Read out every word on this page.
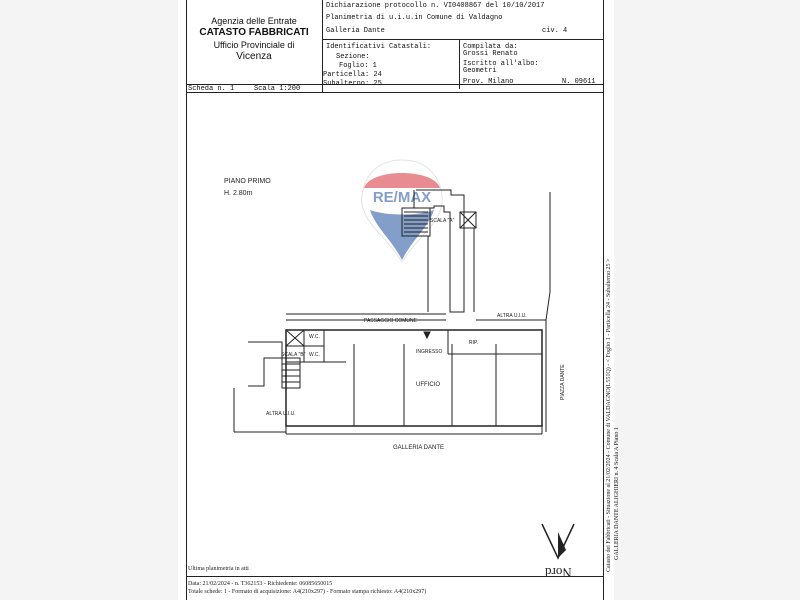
Agenzia delle Entrate
CATASTO FABBRICATI
Ufficio Provinciale di
Vicenza
Dichiarazione protocollo n. VI0408867 del 10/10/2017
Planimetria di u.i.u.in Comune di Valdagno
Galleria Dante	civ. 4
Identificativi Catastali:
Sezione:
Foglio: 1
Particella: 24
Subalterno: 25
Compilata da:
Grossi Renato
Iscritto all'albo:
Geometri
Prov. Milano	N. 09611
Scheda n. 1	Scala 1:200
RE/MAX
PIANO PRIMO
H. 2.80m
SCALA "A"
PASSAGGIO COMUNE
ALTRA U.I.U.
W.C.
W.C.
SCALA "B"	INGRESSO
RIP.
UFFICIO
ALTRA U.I.U.
GALLERIA DANTE
PIAZZA DANTE
Nord
Ultima planimetria in atti
Data: 21/02/2024 - n. T362153 - Richiedente: 06085650015
Totale schede: 1 - Formato di acquisizione: A4(210x297) - Formato stampa richiesto: A4(210x297)
Catasto dei Fabbricati - Situazione al 21/02/2024 - Comune di VALDAGNO(L551Q) - < Foglio 1 - Particella 24 - Subalterno 25 > GALLERIA DANTE ALIGHIERI n. 4 Scala A Piano 1
